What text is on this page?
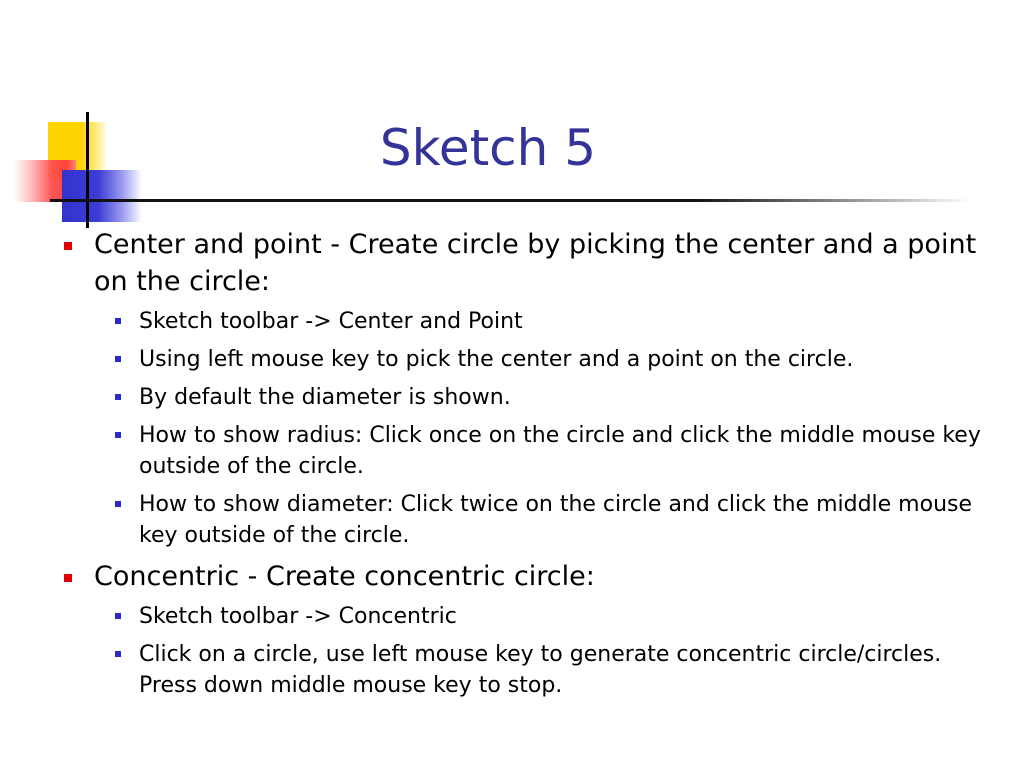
Sketch 5
Center and point - Create circle by picking the center and a point on the circle:
Sketch toolbar -> Center and Point
Using left mouse key to pick the center and a point on the circle.
By default the diameter is shown.
How to show radius: Click once on the circle and click the middle mouse key outside of the circle.
How to show diameter: Click twice on the circle and click the middle mouse key outside of the circle.
Concentric - Create concentric circle:
Sketch toolbar -> Concentric
Click on a circle, use left mouse key to generate concentric circle/circles. Press down middle mouse key to stop.
